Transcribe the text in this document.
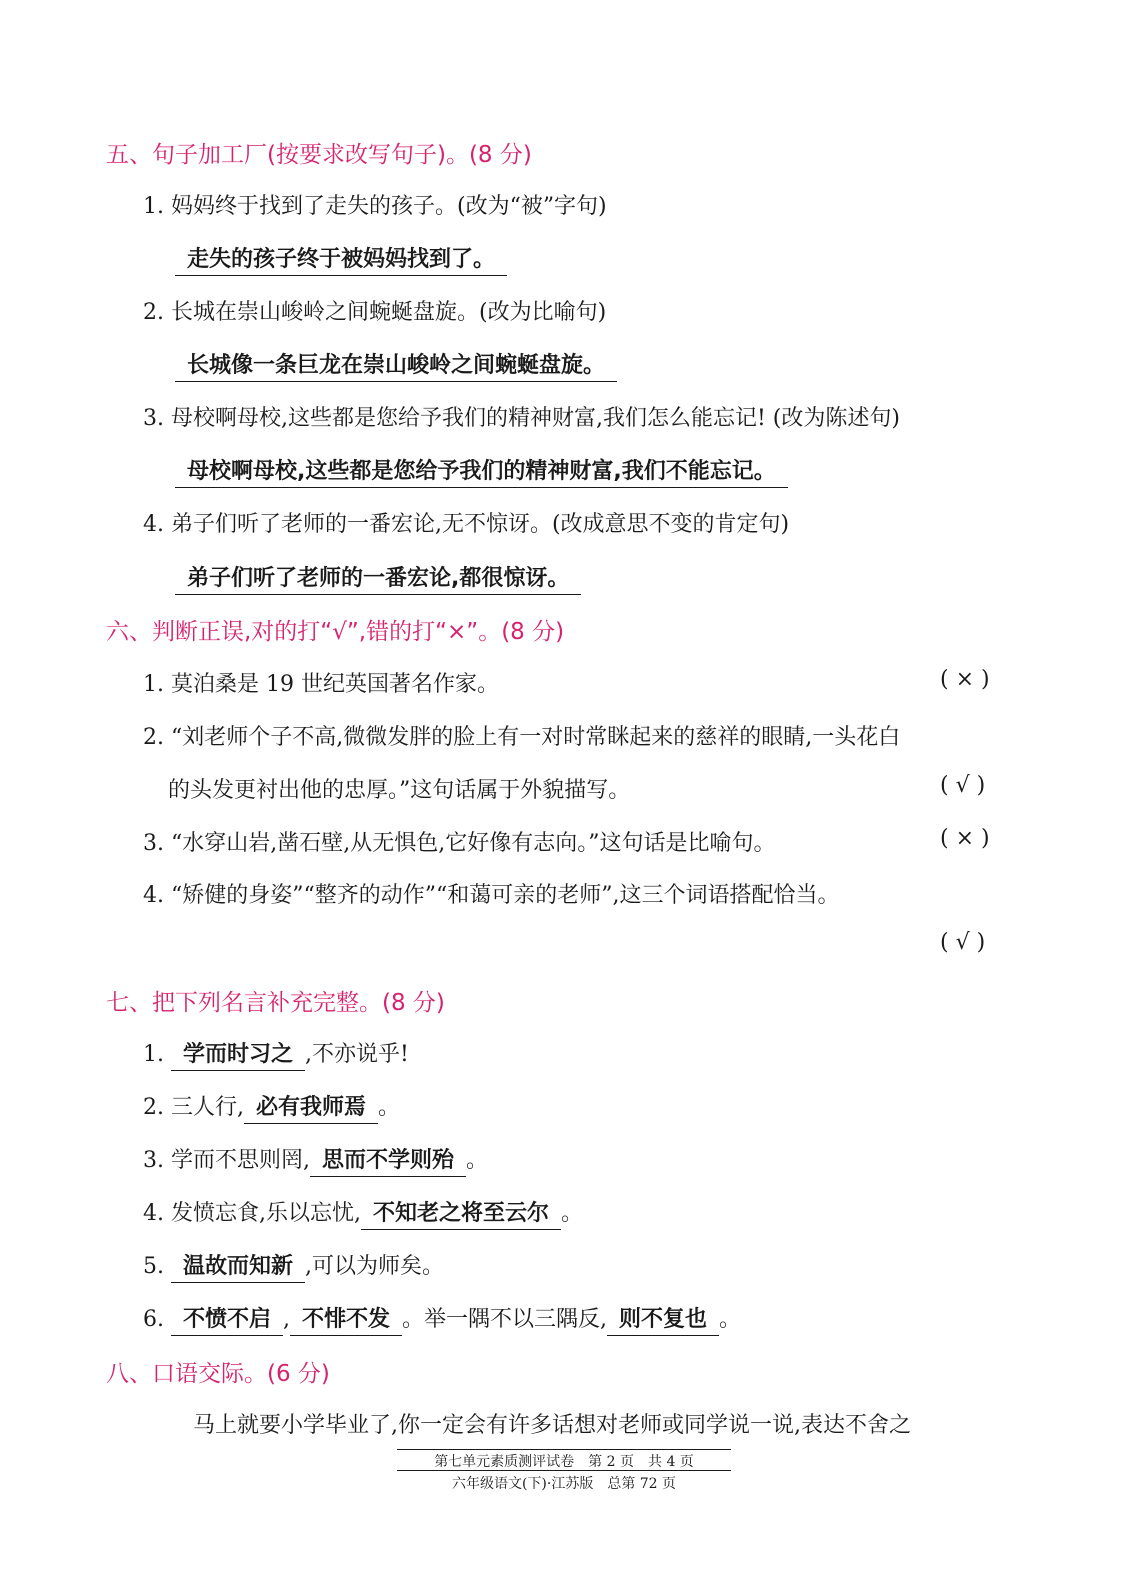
五、句子加工厂(按要求改写句子)。(8 分)
1. 妈妈终于找到了走失的孩子。(改为“被”字句)
走失的孩子终于被妈妈找到了。
2. 长城在崇山峻岭之间蜿蜒盘旋。(改为比喻句)
长城像一条巨龙在崇山峻岭之间蜿蜒盘旋。
3. 母校啊母校,这些都是您给予我们的精神财富,我们怎么能忘记! (改为陈述句)
母校啊母校,这些都是您给予我们的精神财富,我们不能忘记。
4. 弟子们听了老师的一番宏论,无不惊讶。(改成意思不变的肯定句)
弟子们听了老师的一番宏论,都很惊讶。
六、判断正误,对的打“√”,错的打“×”。(8 分)
1. 莫泊桑是 19 世纪英国著名作家。	( × )
2. “刘老师个子不高,微微发胖的脸上有一对时常眯起来的慈祥的眼睛,一头花白
的头发更衬出他的忠厚。”这句话属于外貌描写。	( √ )
3. “水穿山岩,凿石壁,从无惧色,它好像有志向。”这句话是比喻句。	( × )
4. “矫健的身姿”“整齐的动作”“和蔼可亲的老师”,这三个词语搭配恰当。
( √ )
七、把下列名言补充完整。(8 分)
1. 学而时习之 ,不亦说乎!
2. 三人行, 必有我师焉 。
3. 学而不思则罔, 思而不学则殆 。
4. 发愤忘食,乐以忘忧, 不知老之将至云尔 。
5. 温故而知新 ,可以为师矣。
6. 不愤不启 , 不悱不发 。举一隅不以三隅反, 则不复也 。
八、口语交际。(6 分)
马上就要小学毕业了,你一定会有许多话想对老师或同学说一说,表达不舍之
第七单元素质测评试卷　第 2 页　共 4 页
六年级语文(下)·江苏版　总第 72 页
